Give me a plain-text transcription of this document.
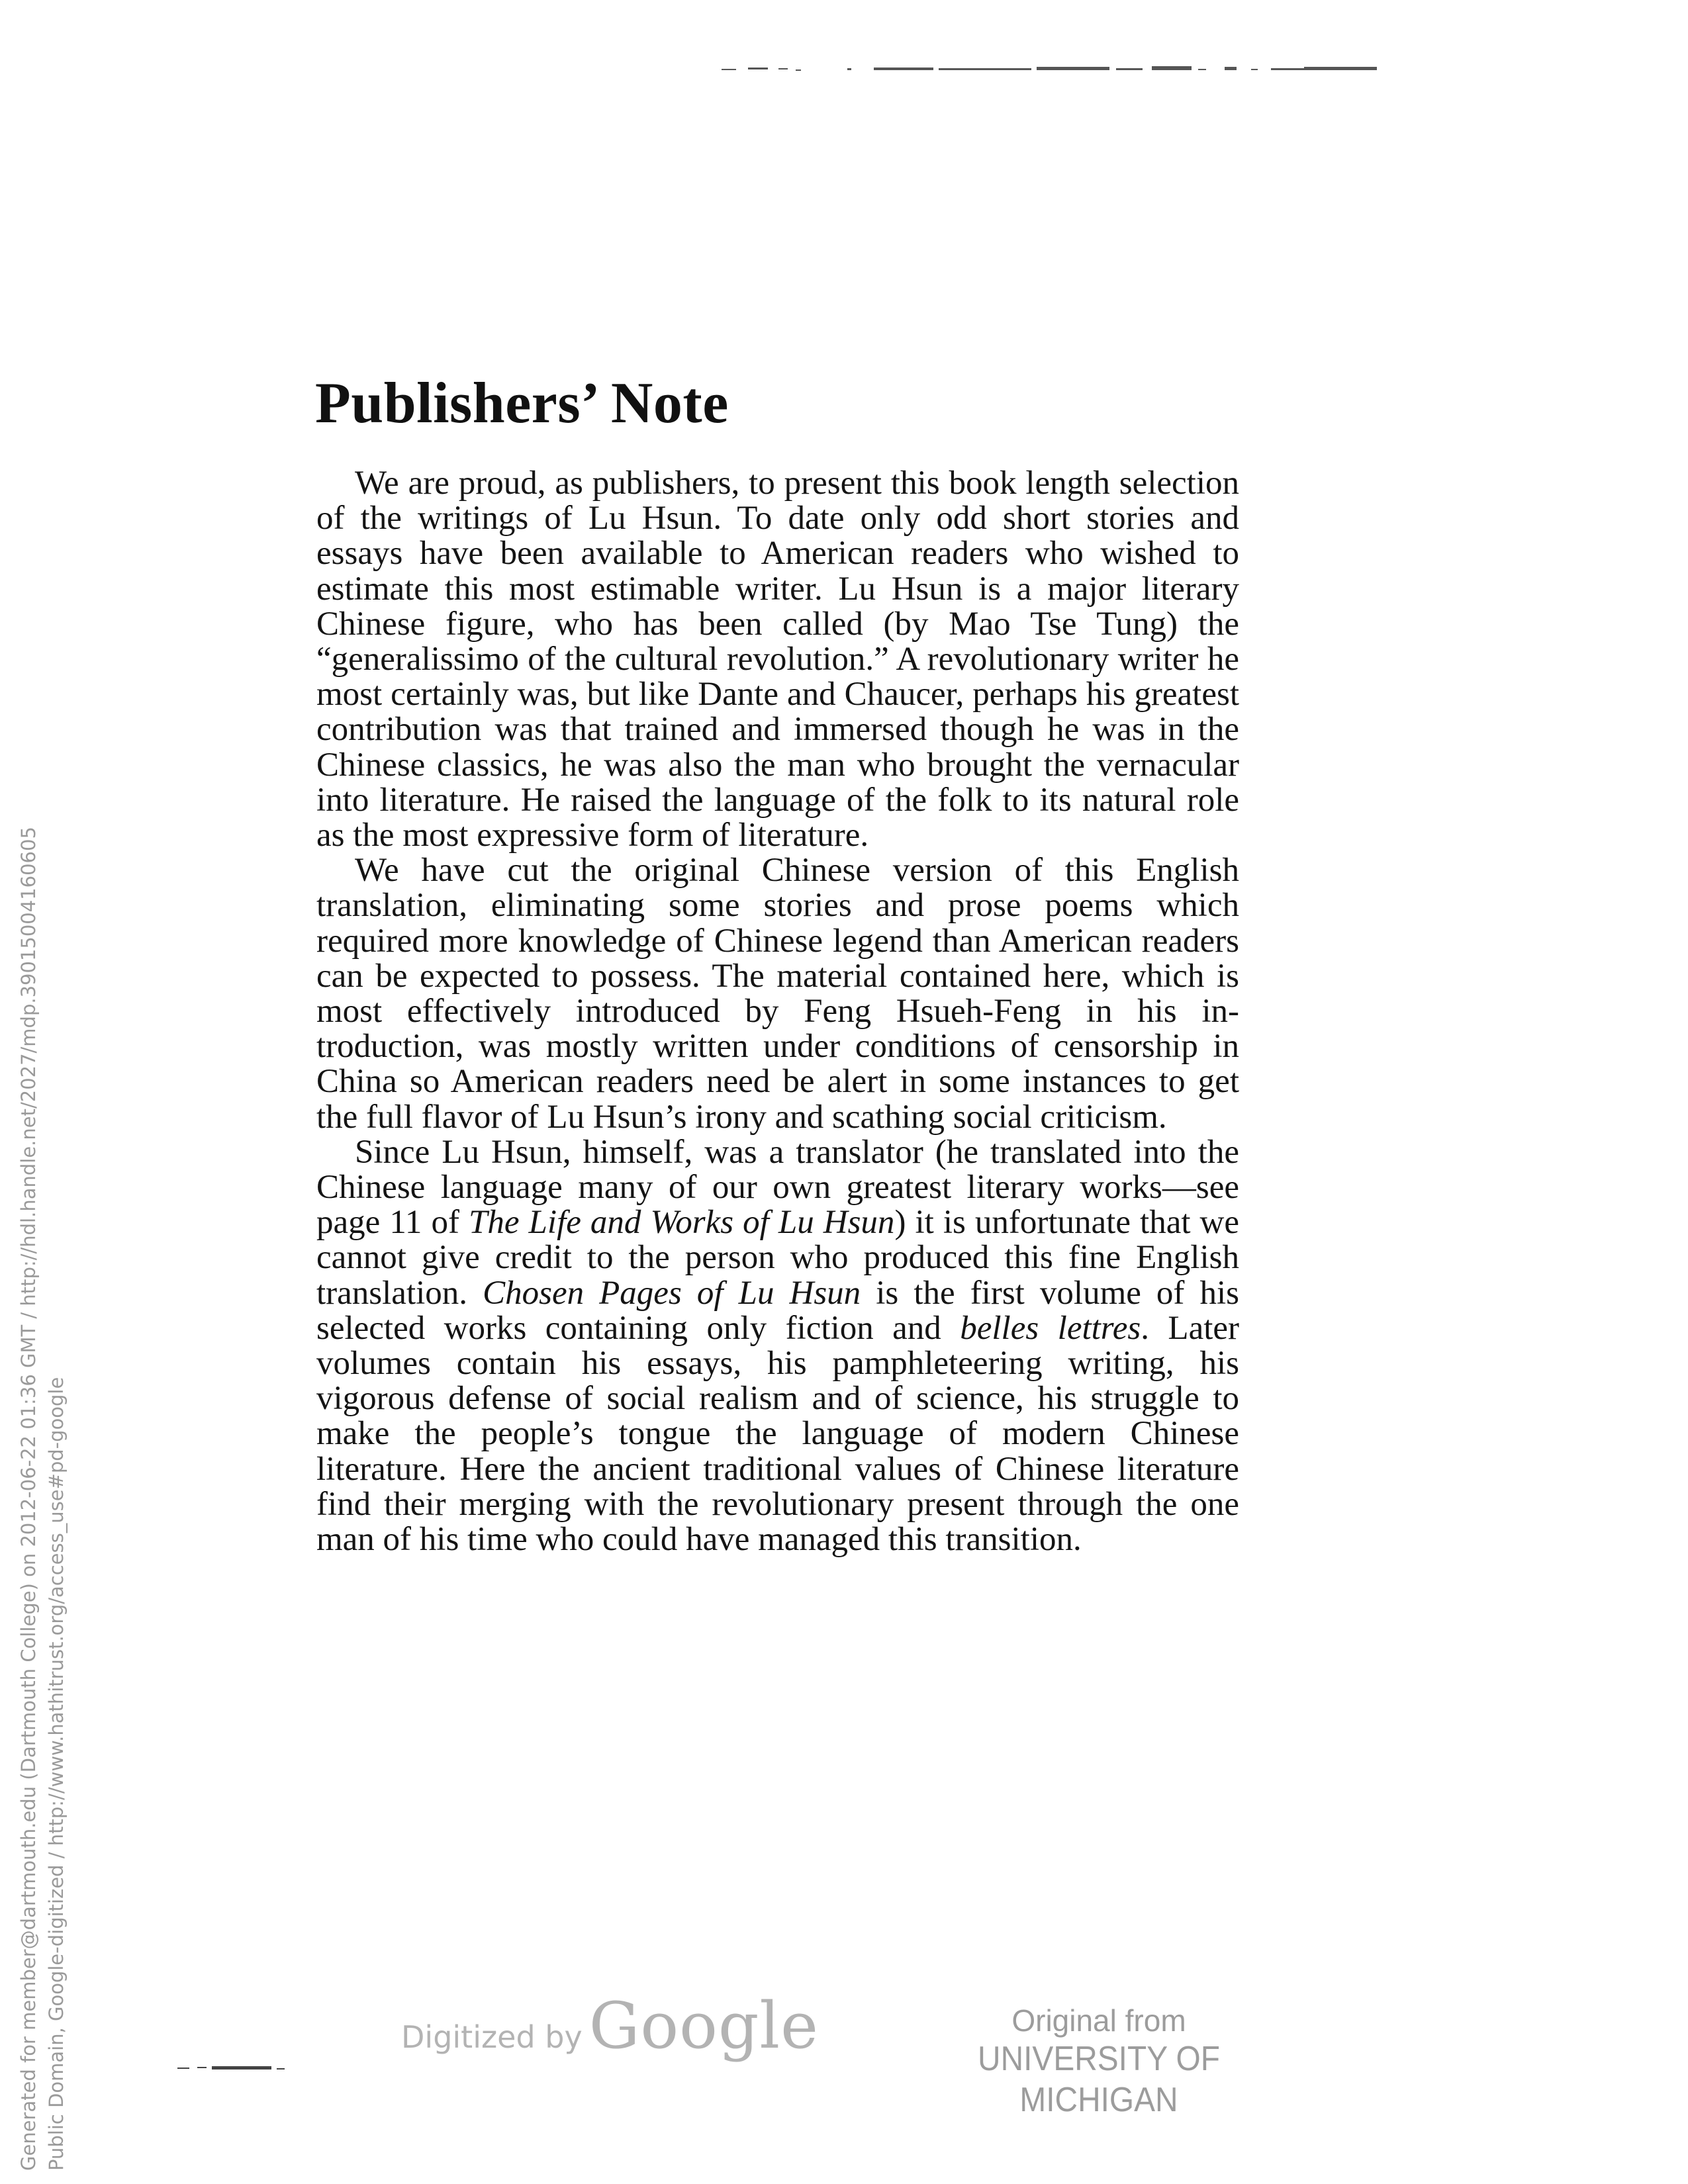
Generated for member@dartmouth.edu (Dartmouth College) on 2012-06-22 01:36 GMT / http://hdl.handle.net/2027/mdp.39015004160605 Public Domain, Google-digitized / http://www.hathitrust.org/access_use#pd-google
Publishers’ Note

We are proud, as publishers, to present this book length selection of the writings of Lu Hsun. To date only odd short stories and essays have been available to American readers who wished to estimate this most estimable writer. Lu Hsun is a major literary Chinese figure, who has been called (by Mao Tse Tung) the “generalissimo of the cultural revolution.” A revolutionary writer he most certainly was, but like Dante and Chaucer, perhaps his greatest contribution was that trained and immersed though he was in the Chinese classics, he was also the man who brought the vernacular into literature. He raised the language of the folk to its natural role as the most expressive form of literature.

We have cut the original Chinese version of this English translation, eliminating some stories and prose poems which required more knowledge of Chinese legend than American readers can be expected to possess. The material contained here, which is most effectively introduced by Feng Hsueh-Feng in his introduction, was mostly written under conditions of censorship in China so American readers need be alert in some instances to get the full flavor of Lu Hsun’s irony and scathing social criticism.

Since Lu Hsun, himself, was a translator (he translated into the Chinese language many of our own greatest literary works—see page 11 of The Life and Works of Lu Hsun) it is unfortunate that we cannot give credit to the person who produced this fine English translation. Chosen Pages of Lu Hsun is the first volume of his selected works containing only fiction and belles lettres. Later volumes contain his essays, his pamphleteering writing, his vigorous defense of social realism and of science, his struggle to make the people’s tongue the language of modern Chinese literature. Here the ancient traditional values of Chinese literature find their merging with the revolutionary present through the one man of his time who could have managed this transition.

Digitized by Google	Original from
UNIVERSITY OF MICHIGAN
